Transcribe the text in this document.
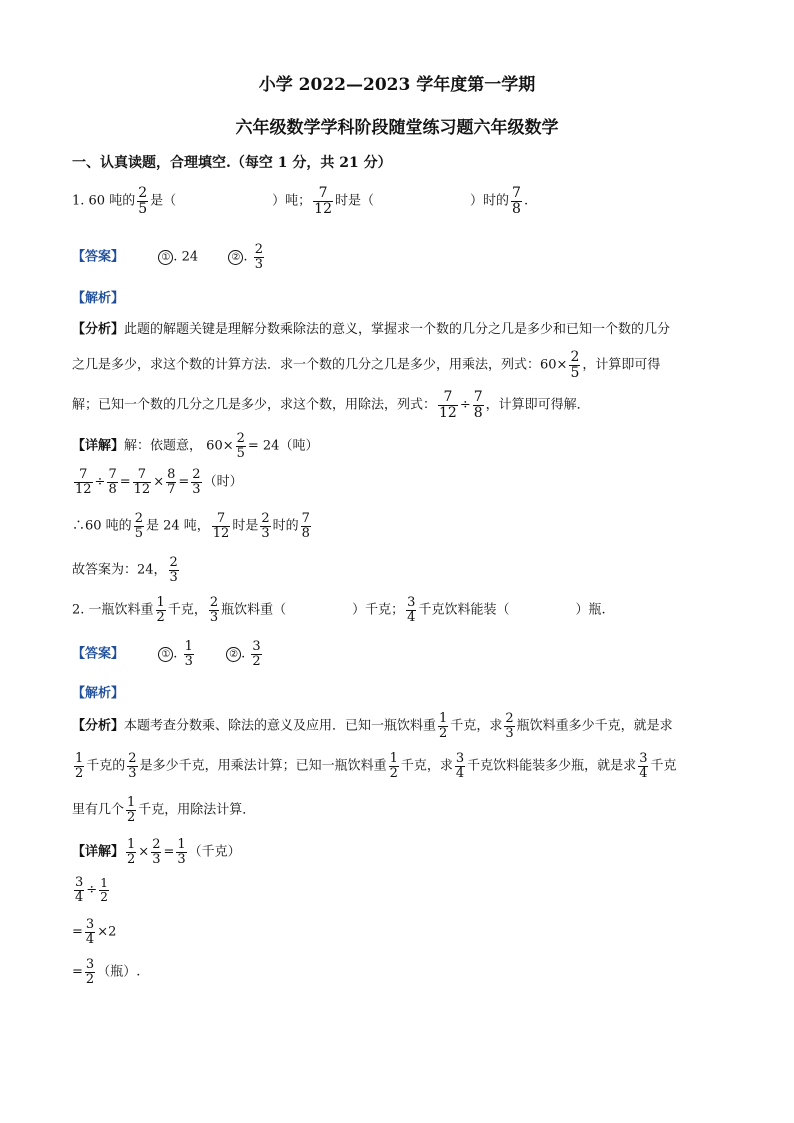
小学 2022—2023 学年度第一学期
六年级数学学科阶段随堂练习题六年级数学
一、认真读题，合理填空.（每空 1 分，共 21 分）
1. 60 吨的 $\frac{2}{5}$ 是（	）吨； $\frac{7}{12}$ 时是（	）时的 $\frac{7}{8}$ .
【答案】	① . 24	② . $\frac{2}{3}$
【解析】
【分析】此题的解题关键是理解分数乘除法的意义，掌握求一个数的几分之几是多少和已知一个数的几分
之几是多少，求这个数的计算方法．求一个数的几分之几是多少，用乘法，列式：$60\times \frac{2}{5}$ ，计算即可得
解；已知一个数的几分之几是多少，求这个数，用除法，列式： $\frac{7}{12} \div \frac{7}{8}$ ，计算即可得解．
【详解】解：依题意， $60\times \frac{2}{5} = 24$（吨）
$\frac{7}{12} \div \frac{7}{8} = \frac{7}{12} \times \frac{8}{7} = \frac{2}{3}$ （时）
∴60 吨的 $\frac{2}{5}$ 是 24 吨， $\frac{7}{12}$ 时是 $\frac{2}{3}$ 时的 $\frac{7}{8}$
故答案为：24， $\frac{2}{3}$
2. 一瓶饮料重 $\frac{1}{2}$ 千克， $\frac{2}{3}$ 瓶饮料重（	）千克； $\frac{3}{4}$ 千克饮料能装（	）瓶.
【答案】	① . $\frac{1}{3}$	② . $\frac{3}{2}$
【解析】
【分析】本题考查分数乘、除法的意义及应用．已知一瓶饮料重 $\frac{1}{2}$ 千克，求 $\frac{2}{3}$ 瓶饮料重多少千克，就是求
$\frac{1}{2}$ 千克的 $\frac{2}{3}$ 是多少千克，用乘法计算；已知一瓶饮料重 $\frac{1}{2}$ 千克，求 $\frac{3}{4}$ 千克饮料能装多少瓶，就是求 $\frac{3}{4}$ 千克
里有几个 $\frac{1}{2}$ 千克，用除法计算．
【详解】 $\frac{1}{2} \times \frac{2}{3} = \frac{1}{3}$ （千克）
$\frac{3}{4} \div \frac{1}{2}$
= $\frac{3}{4} \times 2$
= $\frac{3}{2}$ （瓶）.
